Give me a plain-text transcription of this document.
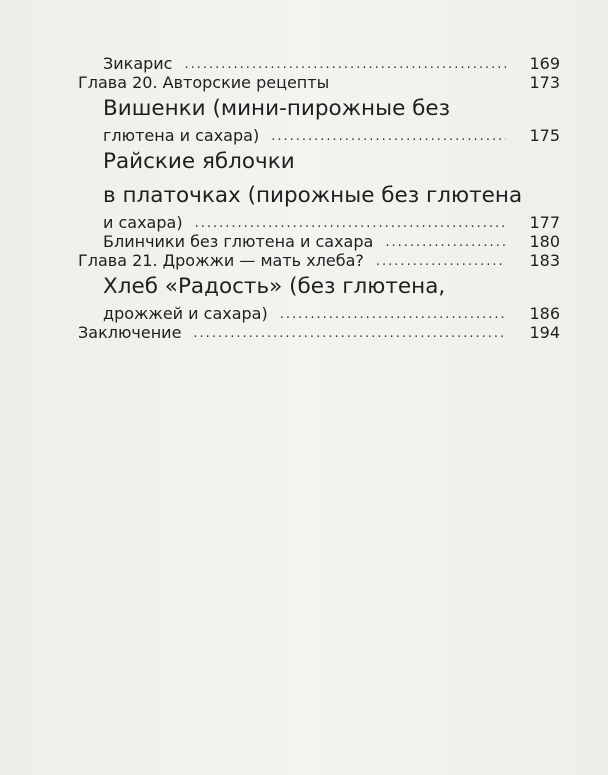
Зикарис .....	169
Глава 20. Авторские рецепты	173
Вишенки (мини-пирожные без
глютена и сахара) .....	175
Райские яблочки
в платочках (пирожные без глютена
и сахара) .....	177
Блинчики без глютена и сахара .....	180
Глава 21. Дрожжи — мать хлеба? .....	183
Хлеб «Радость» (без глютена,
дрожжей и сахара) .....	186
Заключение .....	194
